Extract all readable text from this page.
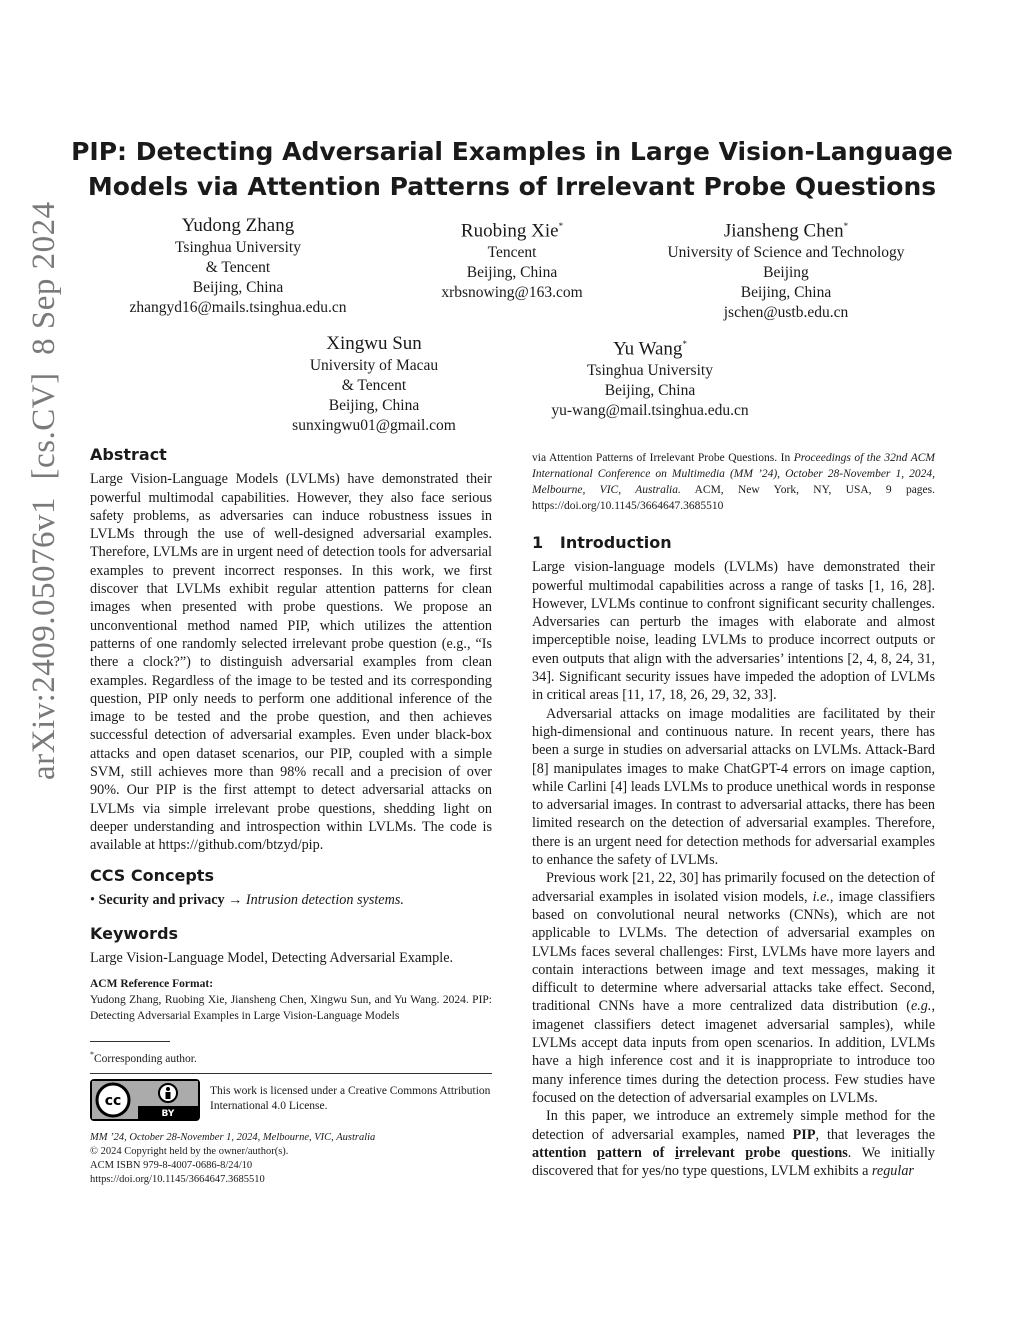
arXiv:2409.05076v1  [cs.CV]  8 Sep 2024
PIP: Detecting Adversarial Examples in Large Vision-Language
Models via Attention Patterns of Irrelevant Probe Questions
Yudong Zhang
Tsinghua University
& Tencent
Beijing, China
zhangyd16@mails.tsinghua.edu.cn
Ruobing Xie*
Tencent
Beijing, China
xrbsnowing@163.com
Jiansheng Chen*
University of Science and Technology
Beijing
Beijing, China
jschen@ustb.edu.cn
Xingwu Sun
University of Macau
& Tencent
Beijing, China
sunxingwu01@gmail.com
Yu Wang*
Tsinghua University
Beijing, China
yu-wang@mail.tsinghua.edu.cn
Abstract

Large Vision-Language Models (LVLMs) have demonstrated their powerful multimodal capabilities. However, they also face serious safety problems, as adversaries can induce robustness issues in LVLMs through the use of well-designed adversarial examples. Therefore, LVLMs are in urgent need of detection tools for adversarial examples to prevent incorrect responses. In this work, we first discover that LVLMs exhibit regular attention patterns for clean images when presented with probe questions. We propose an unconventional method named PIP, which utilizes the attention patterns of one randomly selected irrelevant probe question (e.g., “Is there a clock?”) to distinguish adversarial examples from clean examples. Regardless of the image to be tested and its corresponding question, PIP only needs to perform one additional inference of the image to be tested and the probe question, and then achieves successful detection of adversarial examples. Even under black-box attacks and open dataset scenarios, our PIP, coupled with a simple SVM, still achieves more than 98% recall and a precision of over 90%. Our PIP is the first attempt to detect adversarial attacks on LVLMs via simple irrelevant probe questions, shedding light on deeper understanding and introspection within LVLMs. The code is available at https://github.com/btzyd/pip.

CCS Concepts

• Security and privacy → Intrusion detection systems.

Keywords

Large Vision-Language Model, Detecting Adversarial Example.

ACM Reference Format:
Yudong Zhang, Ruobing Xie, Jiansheng Chen, Xingwu Sun, and Yu Wang. 2024. PIP: Detecting Adversarial Examples in Large Vision-Language Models
*Corresponding author.
cc
BY
This work is licensed under a Creative Commons Attribution International 4.0 License.
MM ’24, October 28-November 1, 2024, Melbourne, VIC, Australia
© 2024 Copyright held by the owner/author(s).
ACM ISBN 979-8-4007-0686-8/24/10
https://doi.org/10.1145/3664647.3685510
via Attention Patterns of Irrelevant Probe Questions. In Proceedings of the 32nd ACM International Conference on Multimedia (MM ’24), October 28-November 1, 2024, Melbourne, VIC, Australia. ACM, New York, NY, USA, 9 pages. https://doi.org/10.1145/3664647.3685510
1 Introduction

Large vision-language models (LVLMs) have demonstrated their powerful multimodal capabilities across a range of tasks [1, 16, 28]. However, LVLMs continue to confront significant security challenges. Adversaries can perturb the images with elaborate and almost imperceptible noise, leading LVLMs to produce incorrect outputs or even outputs that align with the adversaries’ intentions [2, 4, 8, 24, 31, 34]. Significant security issues have impeded the adoption of LVLMs in critical areas [11, 17, 18, 26, 29, 32, 33].

Adversarial attacks on image modalities are facilitated by their high-dimensional and continuous nature. In recent years, there has been a surge in studies on adversarial attacks on LVLMs. Attack-Bard [8] manipulates images to make ChatGPT-4 errors on image caption, while Carlini [4] leads LVLMs to produce unethical words in response to adversarial images. In contrast to adversarial attacks, there has been limited research on the detection of adversarial examples. Therefore, there is an urgent need for detection methods for adversarial examples to enhance the safety of LVLMs.

Previous work [21, 22, 30] has primarily focused on the detection of adversarial examples in isolated vision models, i.e., image classifiers based on convolutional neural networks (CNNs), which are not applicable to LVLMs. The detection of adversarial examples on LVLMs faces several challenges: First, LVLMs have more layers and contain interactions between image and text messages, making it difficult to determine where adversarial attacks take effect. Second, traditional CNNs have a more centralized data distribution (e.g., imagenet classifiers detect imagenet adversarial samples), while LVLMs accept data inputs from open scenarios. In addition, LVLMs have a high inference cost and it is inappropriate to introduce too many inference times during the detection process. Few studies have focused on the detection of adversarial examples on LVLMs.

In this paper, we introduce an extremely simple method for the detection of adversarial examples, named PIP, that leverages the attention pattern of irrelevant probe questions. We initially discovered that for yes/no type questions, LVLM exhibits a regular
